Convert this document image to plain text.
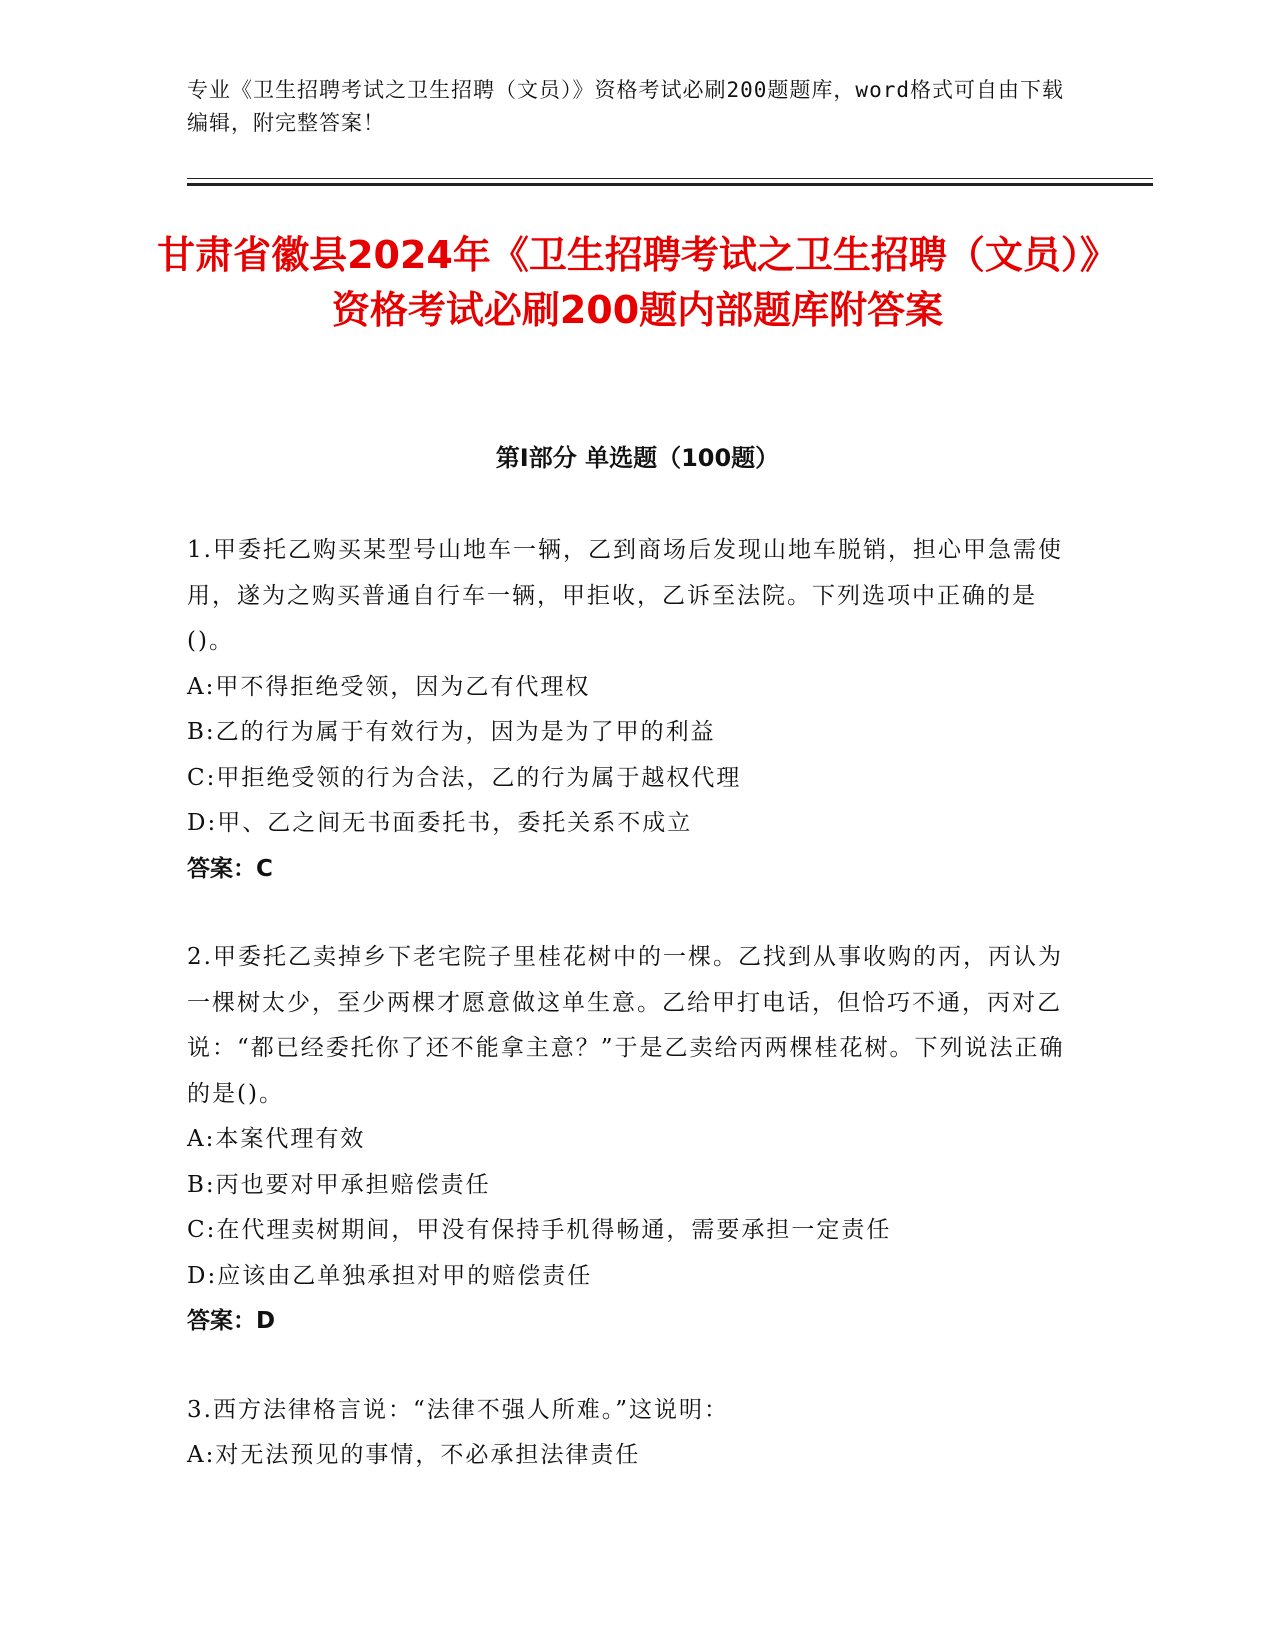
专业《卫生招聘考试之卫生招聘（文员）》资格考试必刷200题题库，word格式可自由下载编辑，附完整答案！
甘肃省徽县2024年《卫生招聘考试之卫生招聘（文员）》资格考试必刷200题内部题库附答案
第Ⅰ部分 单选题（100题）

1.甲委托乙购买某型号山地车一辆，乙到商场后发现山地车脱销，担心甲急需使用，遂为之购买普通自行车一辆，甲拒收，乙诉至法院。下列选项中正确的是()。

A:甲不得拒绝受领，因为乙有代理权

B:乙的行为属于有效行为，因为是为了甲的利益

C:甲拒绝受领的行为合法，乙的行为属于越权代理

D:甲、乙之间无书面委托书，委托关系不成立

答案：C

2.甲委托乙卖掉乡下老宅院子里桂花树中的一棵。乙找到从事收购的丙，丙认为一棵树太少，至少两棵才愿意做这单生意。乙给甲打电话，但恰巧不通，丙对乙说：“都已经委托你了还不能拿主意？”于是乙卖给丙两棵桂花树。下列说法正确的是()。

A:本案代理有效

B:丙也要对甲承担赔偿责任

C:在代理卖树期间，甲没有保持手机得畅通，需要承担一定责任

D:应该由乙单独承担对甲的赔偿责任

答案：D

3.西方法律格言说：“法律不强人所难。”这说明：

A:对无法预见的事情，不必承担法律责任
